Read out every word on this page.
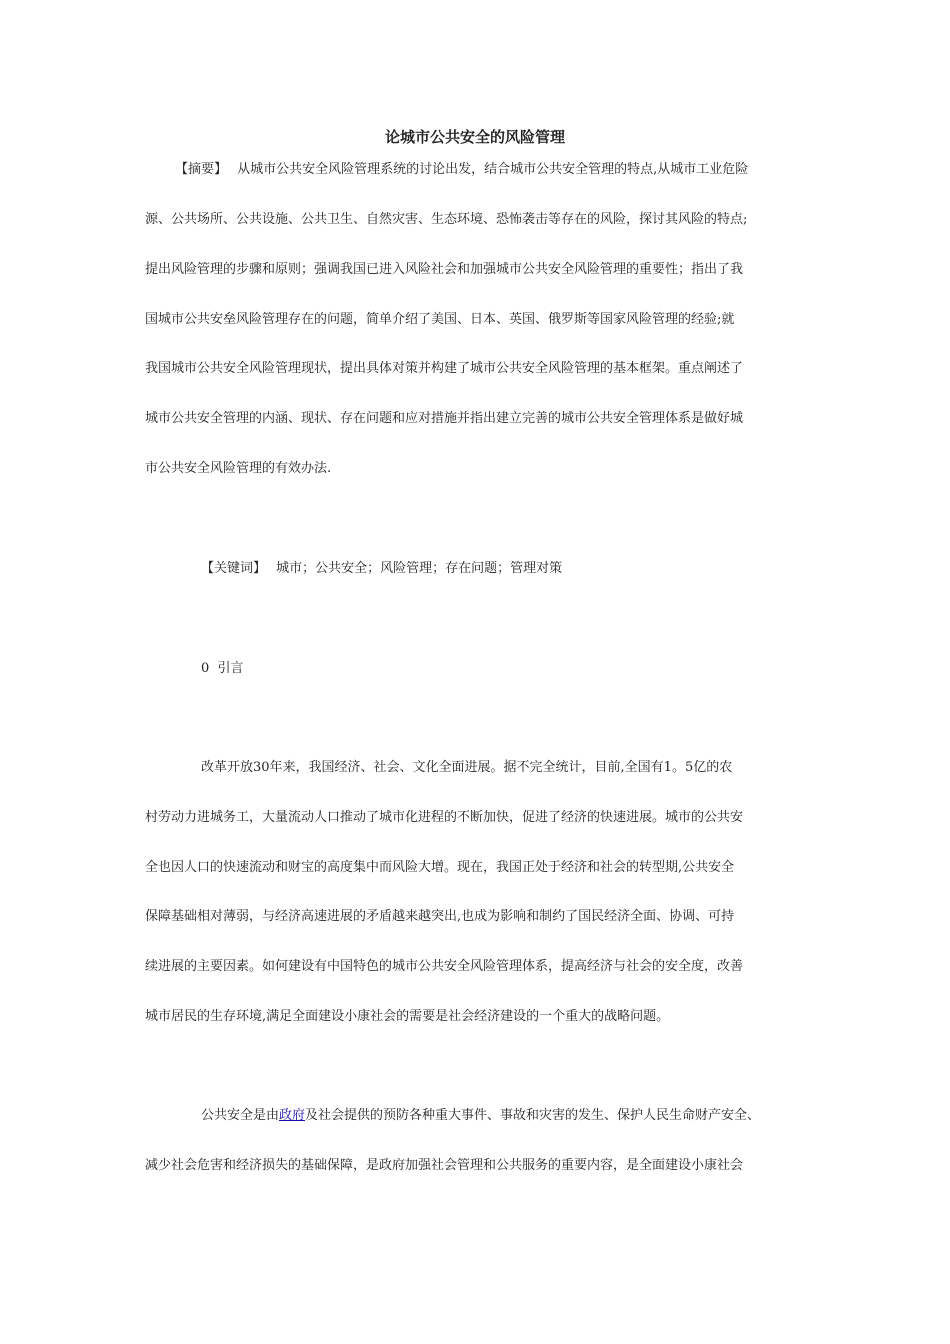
论城市公共安全的风险管理
【摘要】 从城市公共安全风险管理系统的讨论出发，结合城市公共安全管理的特点,从城市工业危险
源、公共场所、公共设施、公共卫生、自然灾害、生态环境、恐怖袭击等存在的风险，探讨其风险的特点;
提出风险管理的步骤和原则；强调我国已进入风险社会和加强城市公共安全风险管理的重要性；指出了我
国城市公共安垒风险管理存在的问题，简单介绍了美国、日本、英国、俄罗斯等国家风险管理的经验;就
我国城市公共安全风险管理现状，提出具体对策并构建了城市公共安全风险管理的基本框架。重点阐述了
城市公共安全管理的内涵、现状、存在问题和应对措施并指出建立完善的城市公共安全管理体系是做好城
市公共安全风险管理的有效办法.
【关键词】 城市；公共安全；风险管理；存在问题；管理对策
0  引言
改革开放30年来，我国经济、社会、文化全面进展。据不完全统计，目前,全国有1。5亿的农
村劳动力进城务工，大量流动人口推动了城市化进程的不断加快，促进了经济的快速进展。城市的公共安
全也因人口的快速流动和财宝的高度集中而风险大增。现在，我国正处于经济和社会的转型期,公共安全
保障基础相对薄弱，与经济高速进展的矛盾越来越突出,也成为影响和制约了国民经济全面、协调、可持
续进展的主要因素。如何建设有中国特色的城市公共安全风险管理体系，提高经济与社会的安全度，改善
城市居民的生存环境,满足全面建设小康社会的需要是社会经济建设的一个重大的战略问题。
公共安全是由政府及社会提供的预防各种重大事件、事故和灾害的发生、保护人民生命财产安全、
减少社会危害和经济损失的基础保障，是政府加强社会管理和公共服务的重要内容，是全面建设小康社会
